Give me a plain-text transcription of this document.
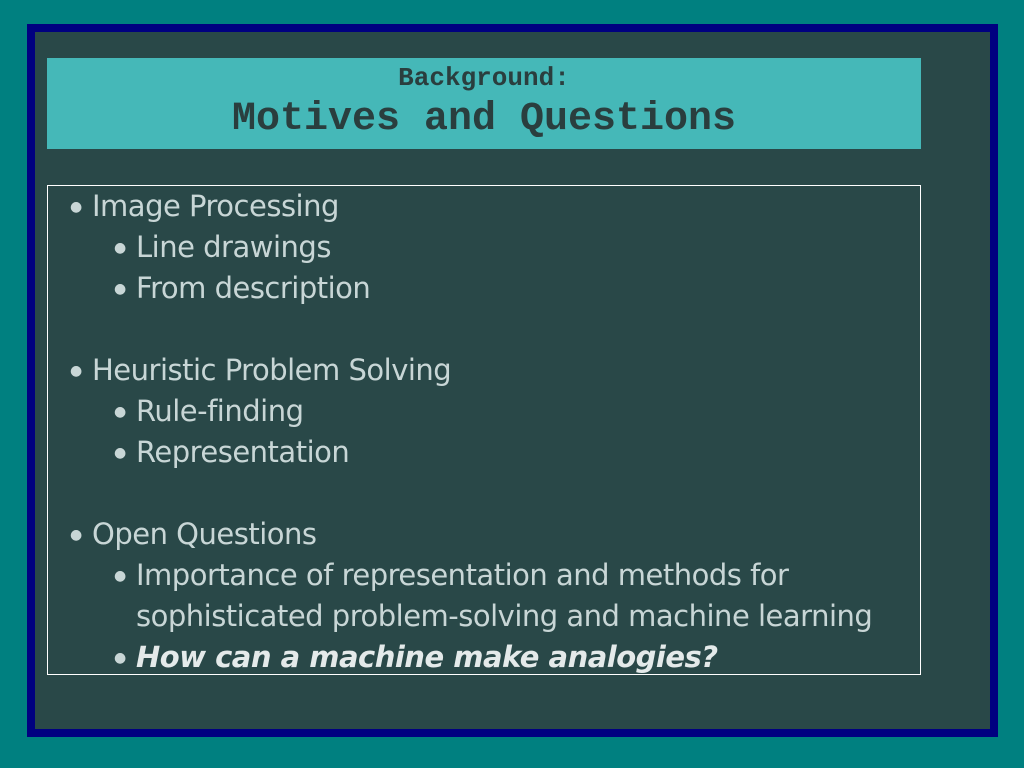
Background:
Motives and Questions
● Image Processing
● Line drawings
● From description
● Heuristic Problem Solving
● Rule-finding
● Representation
● Open Questions
● Importance of representation and methods for
sophisticated problem-solving and machine learning
● How can a machine make analogies?
